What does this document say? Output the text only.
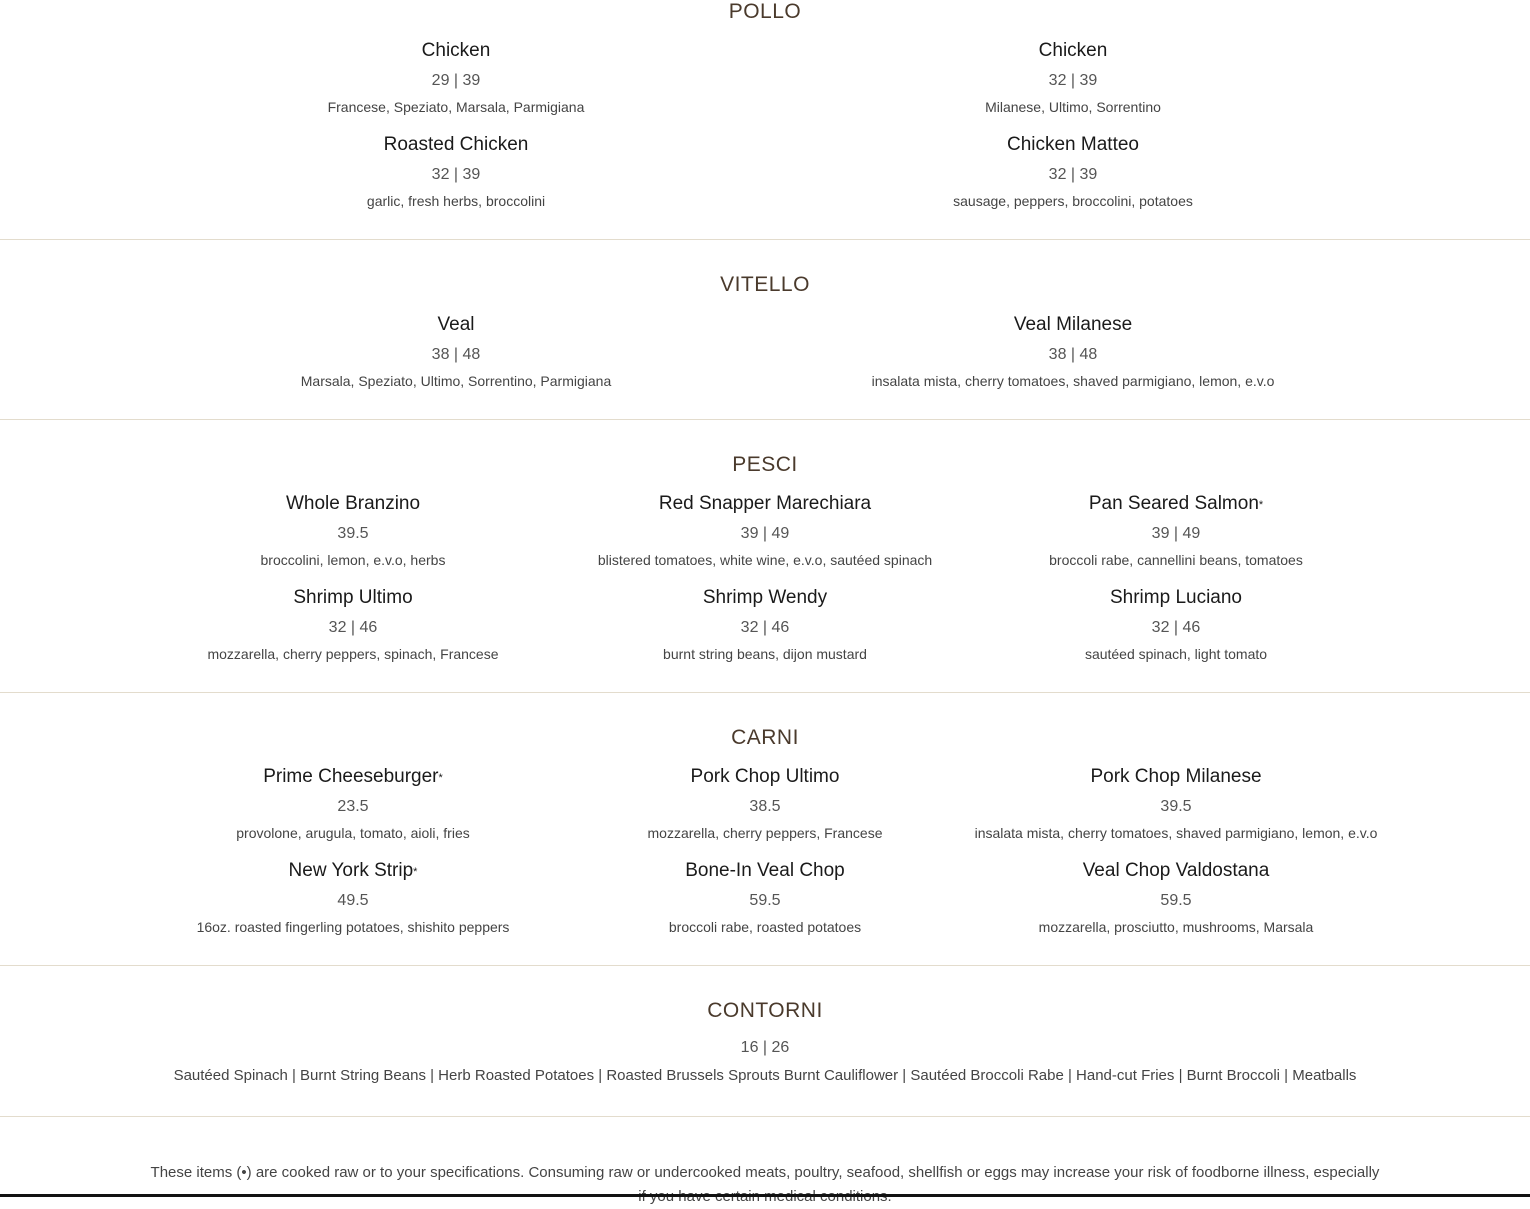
POLLO
Chicken
29 | 39
Francese, Speziato, Marsala, Parmigiana
Chicken
32 | 39
Milanese, Ultimo, Sorrentino
Roasted Chicken
32 | 39
garlic, fresh herbs, broccolini
Chicken Matteo
32 | 39
sausage, peppers, broccolini, potatoes
VITELLO
Veal
38 | 48
Marsala, Speziato, Ultimo, Sorrentino, Parmigiana
Veal Milanese
38 | 48
insalata mista, cherry tomatoes, shaved parmigiano, lemon, e.v.o
PESCI
Whole Branzino
39.5
broccolini, lemon, e.v.o, herbs
Red Snapper Marechiara
39 | 49
blistered tomatoes, white wine, e.v.o, sautéed spinach
Pan Seared Salmon*
39 | 49
broccoli rabe, cannellini beans, tomatoes
Shrimp Ultimo
32 | 46
mozzarella, cherry peppers, spinach, Francese
Shrimp Wendy
32 | 46
burnt string beans, dijon mustard
Shrimp Luciano
32 | 46
sautéed spinach, light tomato
CARNI
Prime Cheeseburger*
23.5
provolone, arugula, tomato, aioli, fries
Pork Chop Ultimo
38.5
mozzarella, cherry peppers, Francese
Pork Chop Milanese
39.5
insalata mista, cherry tomatoes, shaved parmigiano, lemon, e.v.o
New York Strip*
49.5
16oz. roasted fingerling potatoes, shishito peppers
Bone-In Veal Chop
59.5
broccoli rabe, roasted potatoes
Veal Chop Valdostana
59.5
mozzarella, prosciutto, mushrooms, Marsala
CONTORNI
16 | 26
Sautéed Spinach | Burnt String Beans | Herb Roasted Potatoes | Roasted Brussels Sprouts Burnt Cauliflower | Sautéed Broccoli Rabe | Hand-cut Fries | Burnt Broccoli | Meatballs
These items (•) are cooked raw or to your specifications. Consuming raw or undercooked meats, poultry, seafood, shellfish or eggs may increase your risk of foodborne illness, especially
